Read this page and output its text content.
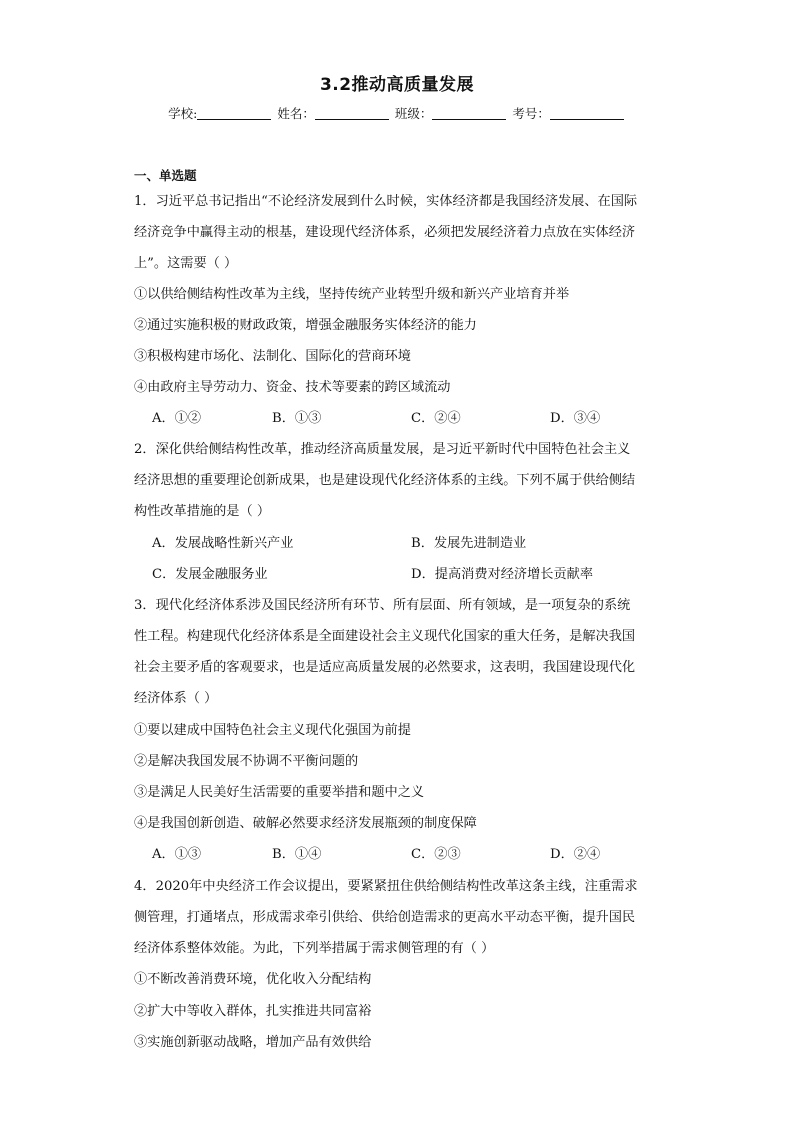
3.2推动高质量发展
学校:	姓名：	班级：	考号：
一、单选题
1．习近平总书记指出“不论经济发展到什么时候，实体经济都是我国经济发展、在国际
经济竞争中赢得主动的根基，建设现代经济体系，必须把发展经济着力点放在实体经济
上”。这需要（ ）
①以供给侧结构性改革为主线，坚持传统产业转型升级和新兴产业培育并举
②通过实施积极的财政政策，增强金融服务实体经济的能力
③积极构建市场化、法制化、国际化的营商环境
④由政府主导劳动力、资金、技术等要素的跨区域流动
A．①②	B．①③	C．②④	D．③④
2．深化供给侧结构性改革，推动经济高质量发展，是习近平新时代中国特色社会主义
经济思想的重要理论创新成果，也是建设现代化经济体系的主线。下列不属于供给侧结
构性改革措施的是（ ）
A．发展战略性新兴产业	B．发展先进制造业
C．发展金融服务业	D．提高消费对经济增长贡献率
3．现代化经济体系涉及国民经济所有环节、所有层面、所有领域，是一项复杂的系统
性工程。构建现代化经济体系是全面建设社会主义现代化国家的重大任务，是解决我国
社会主要矛盾的客观要求，也是适应高质量发展的必然要求，这表明，我国建设现代化
经济体系（ ）
①要以建成中国特色社会主义现代化强国为前提
②是解决我国发展不协调不平衡问题的
③是满足人民美好生活需要的重要举措和题中之义
④是我国创新创造、破解必然要求经济发展瓶颈的制度保障
A．①③	B．①④	C．②③	D．②④
4．2020年中央经济工作会议提出，要紧紧扭住供给侧结构性改革这条主线，注重需求
侧管理，打通堵点，形成需求牵引供给、供给创造需求的更高水平动态平衡，提升国民
经济体系整体效能。为此，下列举措属于需求侧管理的有（ ）
①不断改善消费环境，优化收入分配结构
②扩大中等收入群体，扎实推进共同富裕
③实施创新驱动战略，增加产品有效供给
